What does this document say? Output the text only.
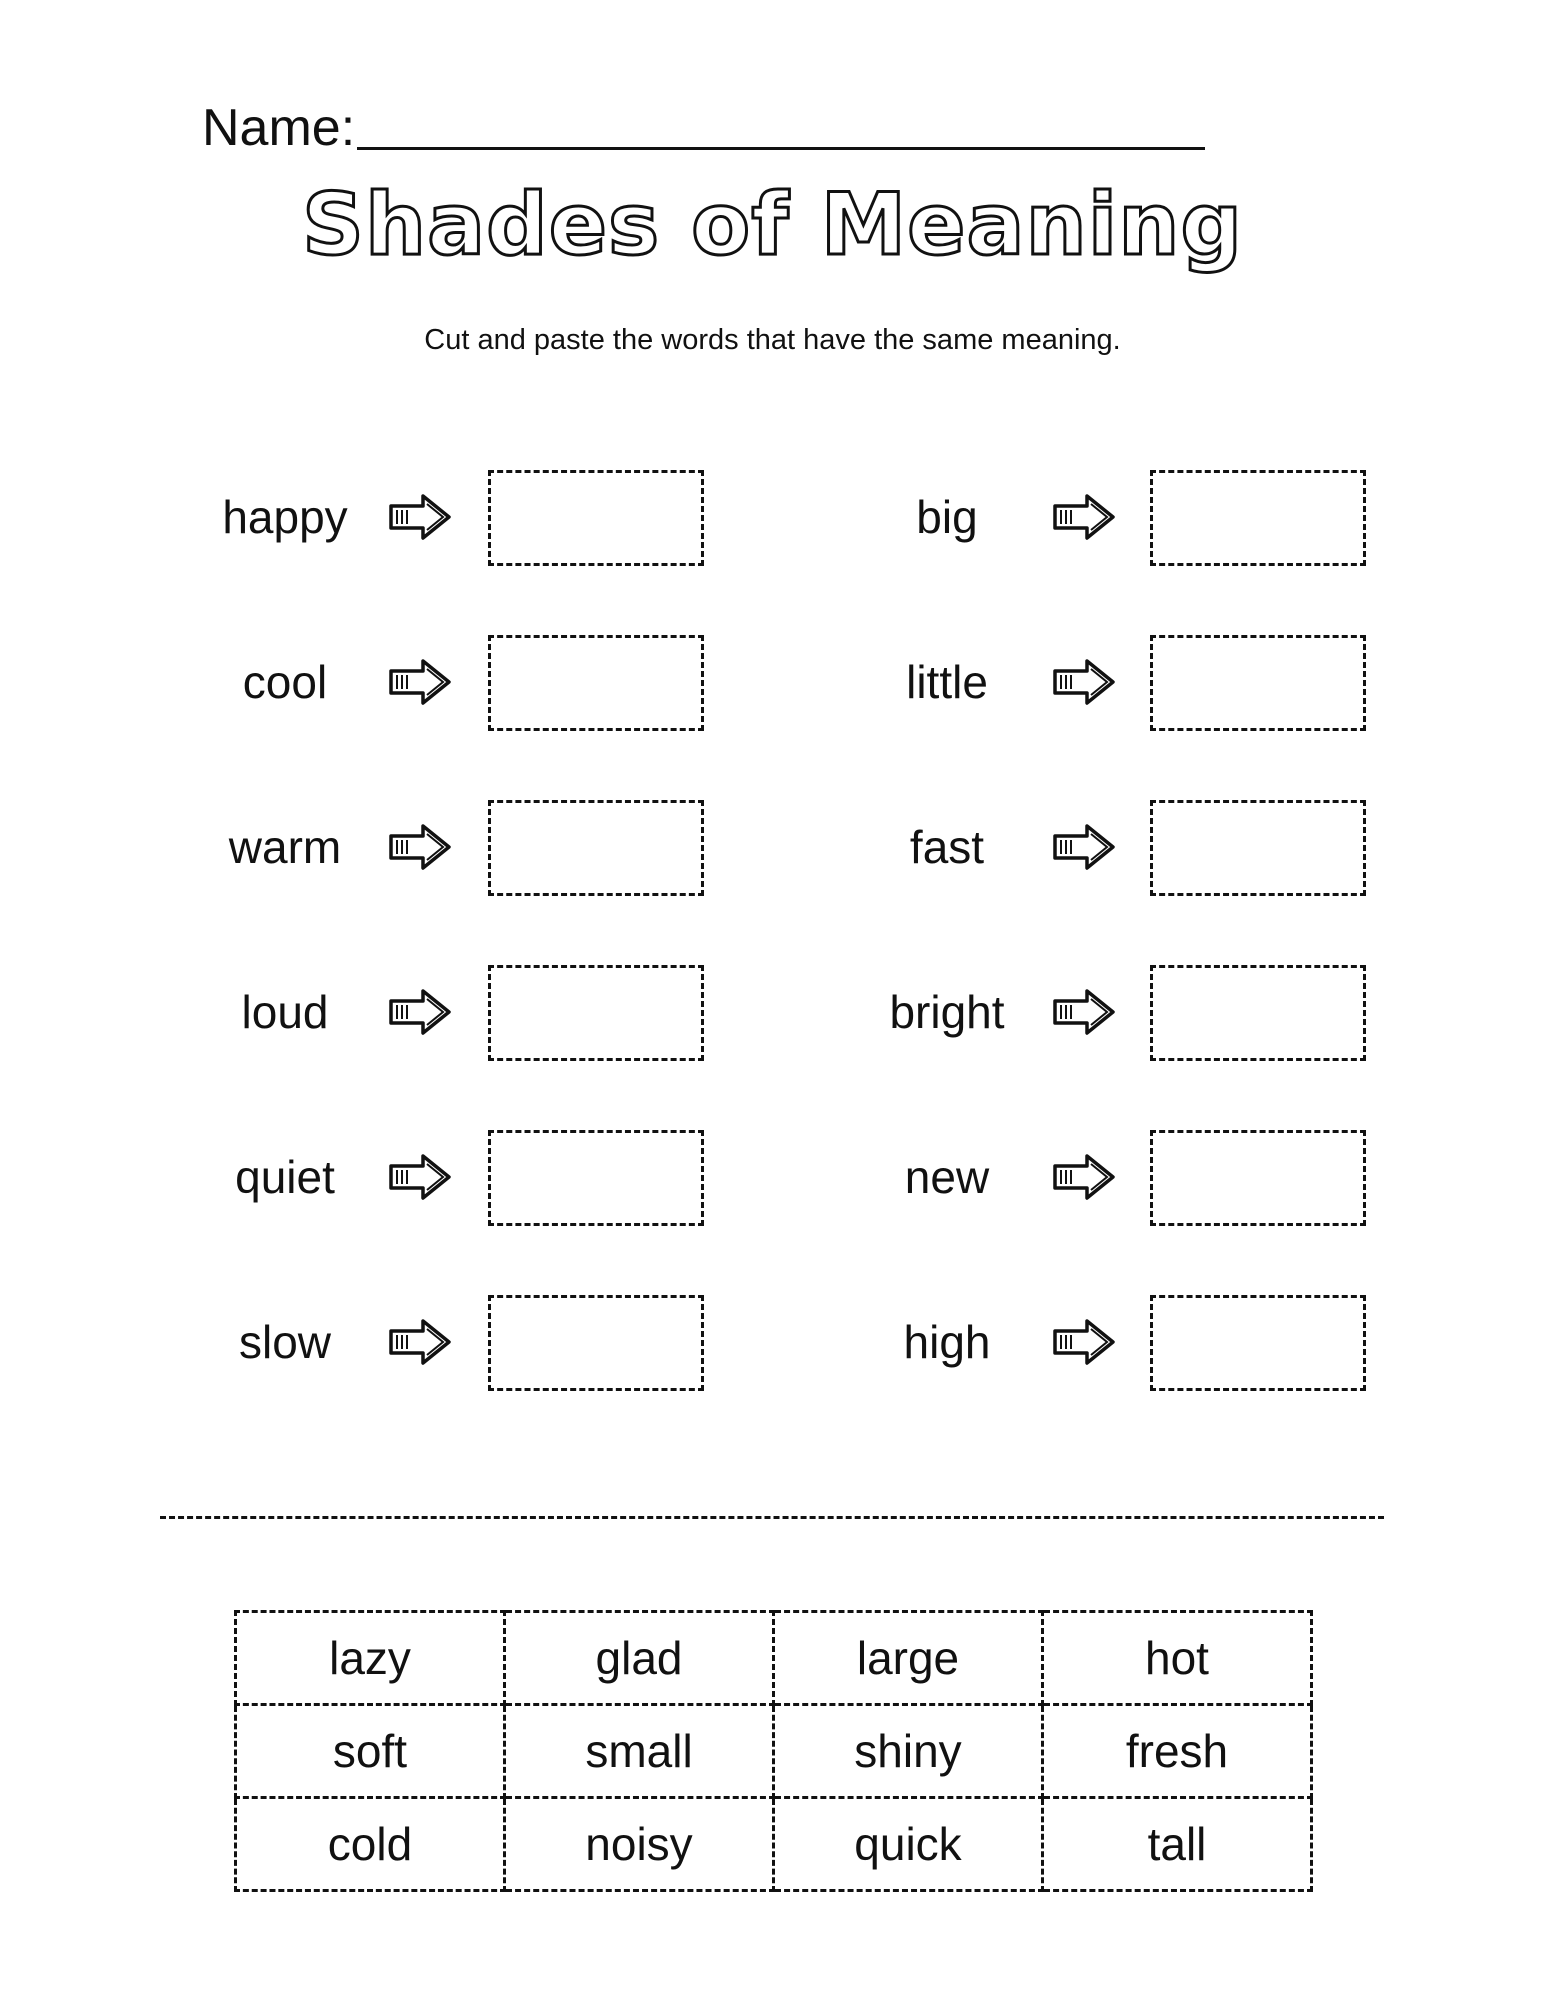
Name:
Shades of Meaning
Cut and paste the words that have the same meaning.
happy
cool
warm
loud
quiet
slow
big
little
fast
bright
new
high
lazy	glad	large	hot
soft	small	shiny	fresh
cold	noisy	quick	tall
